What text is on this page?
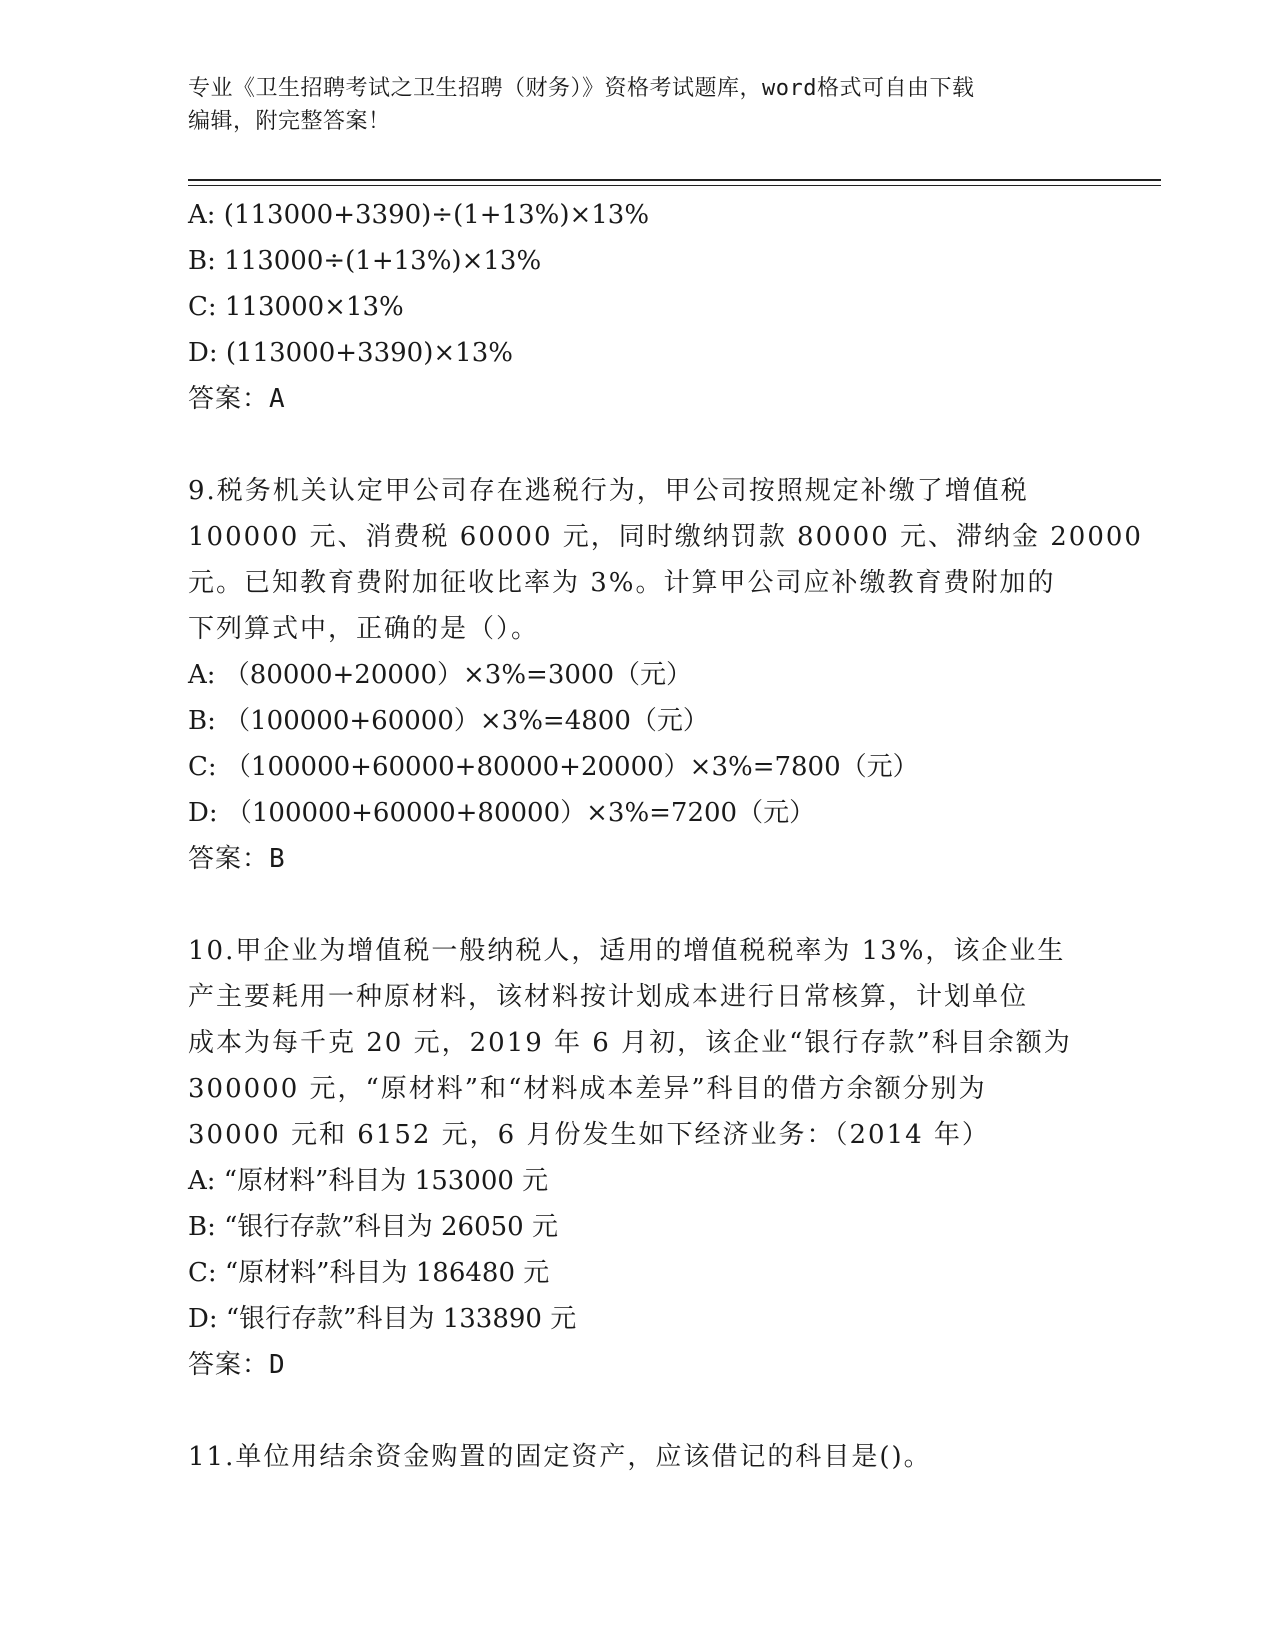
专业《卫生招聘考试之卫生招聘（财务）》资格考试题库，word格式可自由下载
编辑，附完整答案！
A: (113000+3390)÷(1+13%)×13%
B: 113000÷(1+13%)×13%
C: 113000×13%
D: (113000+3390)×13%
答案：A
9.税务机关认定甲公司存在逃税行为，甲公司按照规定补缴了增值税
100000 元、消费税 60000 元，同时缴纳罚款 80000 元、滞纳金 20000
元。已知教育费附加征收比率为 3%。计算甲公司应补缴教育费附加的
下列算式中，正确的是（）。
A: （80000+20000）×3%=3000（元）
B: （100000+60000）×3%=4800（元）
C: （100000+60000+80000+20000）×3%=7800（元）
D: （100000+60000+80000）×3%=7200（元）
答案：B
10.甲企业为增值税一般纳税人，适用的增值税税率为 13%，该企业生
产主要耗用一种原材料，该材料按计划成本进行日常核算，计划单位
成本为每千克 20 元，2019 年 6 月初，该企业“银行存款”科目余额为
300000 元，“原材料”和“材料成本差异”科目的借方余额分别为
30000 元和 6152 元，6 月份发生如下经济业务：（2014 年）
A: “原材料”科目为 153000 元
B: “银行存款”科目为 26050 元
C: “原材料”科目为 186480 元
D: “银行存款”科目为 133890 元
答案：D
11.单位用结余资金购置的固定资产，应该借记的科目是()。
